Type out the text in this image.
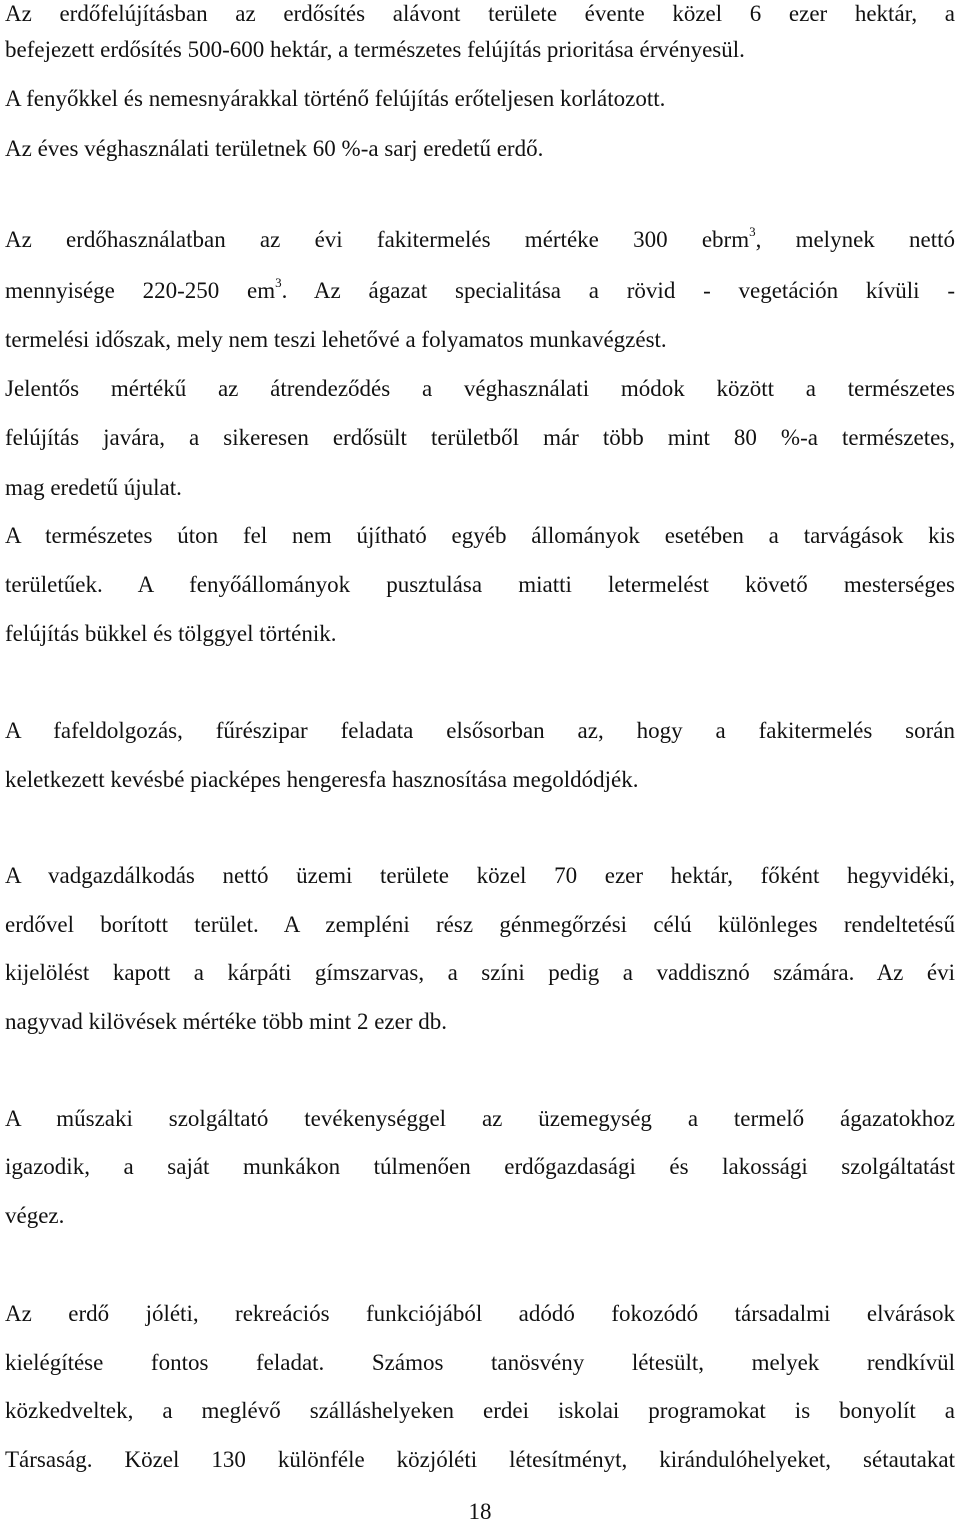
Az erdőfelújításban az erdősítés alávont területe évente közel 6 ezer hektár, a
befejezett erdősítés 500-600 hektár, a természetes felújítás prioritása érvényesül.
A fenyőkkel és nemesnyárakkal történő felújítás erőteljesen korlátozott.
Az éves véghasználati területnek 60 %-a sarj eredetű erdő.
Az erdőhasználatban az évi fakitermelés mértéke 300 ebrm$^3$, melynek nettó
mennyisége 220-250 $em^3$. Az ágazat specialitása a rövid - vegetáción kívüli -
termelési időszak, mely nem teszi lehetővé a folyamatos munkavégzést.
Jelentős mértékű az átrendeződés a véghasználati módok között a természetes
felújítás javára, a sikeresen erdősült területből már több mint 80 %-a természetes,
mag eredetű újulat.
A természetes úton fel nem újítható egyéb állományok esetében a tarvágások kis
területűek. A fenyőállományok pusztulása miatti letermelést követő mesterséges
felújítás bükkel és tölggyel történik.
A fafeldolgozás, fűrészipar feladata elsősorban az, hogy a fakitermelés során
keletkezett kevésbé piacképes hengeresfa hasznosítása megoldódjék.
A vadgazdálkodás nettó üzemi területe közel 70 ezer hektár, főként hegyvidéki,
erdővel borított terület. A zempléni rész génmegőrzési célú különleges rendeltetésű
kijelölést kapott a kárpáti gímszarvas, a színi pedig a vaddisznó számára. Az évi
nagyvad kilövések mértéke több mint 2 ezer db.
A műszaki szolgáltató tevékenységgel az üzemegység a termelő ágazatokhoz
igazodik, a saját munkákon túlmenően erdőgazdasági és lakossági szolgáltatást
végez.
Az erdő jóléti, rekreációs funkciójából adódó fokozódó társadalmi elvárások
kielégítése fontos feladat. Számos tanösvény létesült, melyek rendkívül
közkedveltek, a meglévő szálláshelyeken erdei iskolai programokat is bonyolít a
Társaság. Közel 130 különféle közjóléti létesítményt, kirándulóhelyeket, sétautakat
18
